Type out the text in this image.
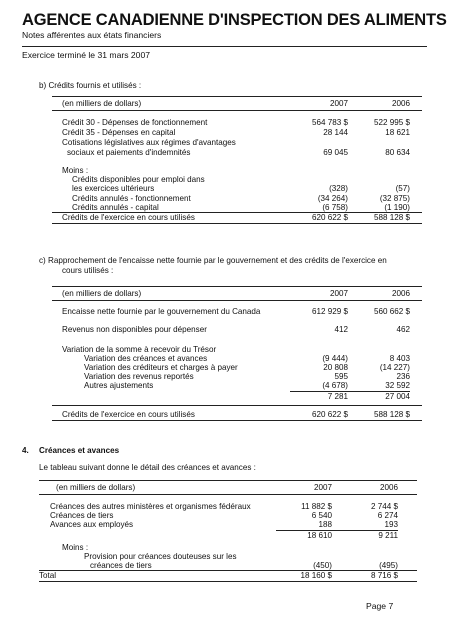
AGENCE CANADIENNE D'INSPECTION DES ALIMENTS
Notes afférentes aux états financiers
Exercice terminé le 31 mars 2007
b) Crédits fournis et utilisés :
(en milliers de dollars)	2007	2006
Crédit 30 - Dépenses de fonctionnement	564 783 $	522 995 $
Crédit 35 - Dépenses en capital	28 144	18 621
Cotisations législatives aux régimes d'avantages
sociaux et paiements d'indemnités	69 045	80 634
Moins :
Crédits disponibles pour emploi dans
les exercices ultérieurs	(328)	(57)
Crédits annulés - fonctionnement	(34 264)	(32 875)
Crédits annulés - capital	(6 758)	(1 190)
Crédits de l'exercice en cours utilisés	620 622 $	588 128 $
c) Rapprochement de l'encaisse nette fournie par le gouvernement et des crédits de l'exercice en
cours utilisés :
(en milliers de dollars)	2007	2006
Encaisse nette fournie par le gouvernement du Canada	612 929 $	560 662 $
Revenus non disponibles pour dépenser	412	462
Variation de la somme à recevoir du Trésor
Variation des créances et avances	(9 444)	8 403
Variation des créditeurs et charges à payer	20 808	(14 227)
Variation des revenus reportés	595	236
Autres ajustements	(4 678)	32 592
7 281	27 004
Crédits de l'exercice en cours utilisés	620 622 $	588 128 $
4. Créances et avances
Le tableau suivant donne le détail des créances et avances :
(en milliers de dollars)	2007	2006
Créances des autres ministères et organismes fédéraux	11 882 $	2 744 $
Créances de tiers	6 540	6 274
Avances aux employés	188	193
18 610	9 211
Moins :
Provision pour créances douteuses sur les
créances de tiers	(450)	(495)
Total	18 160 $	8 716 $
Page 7
